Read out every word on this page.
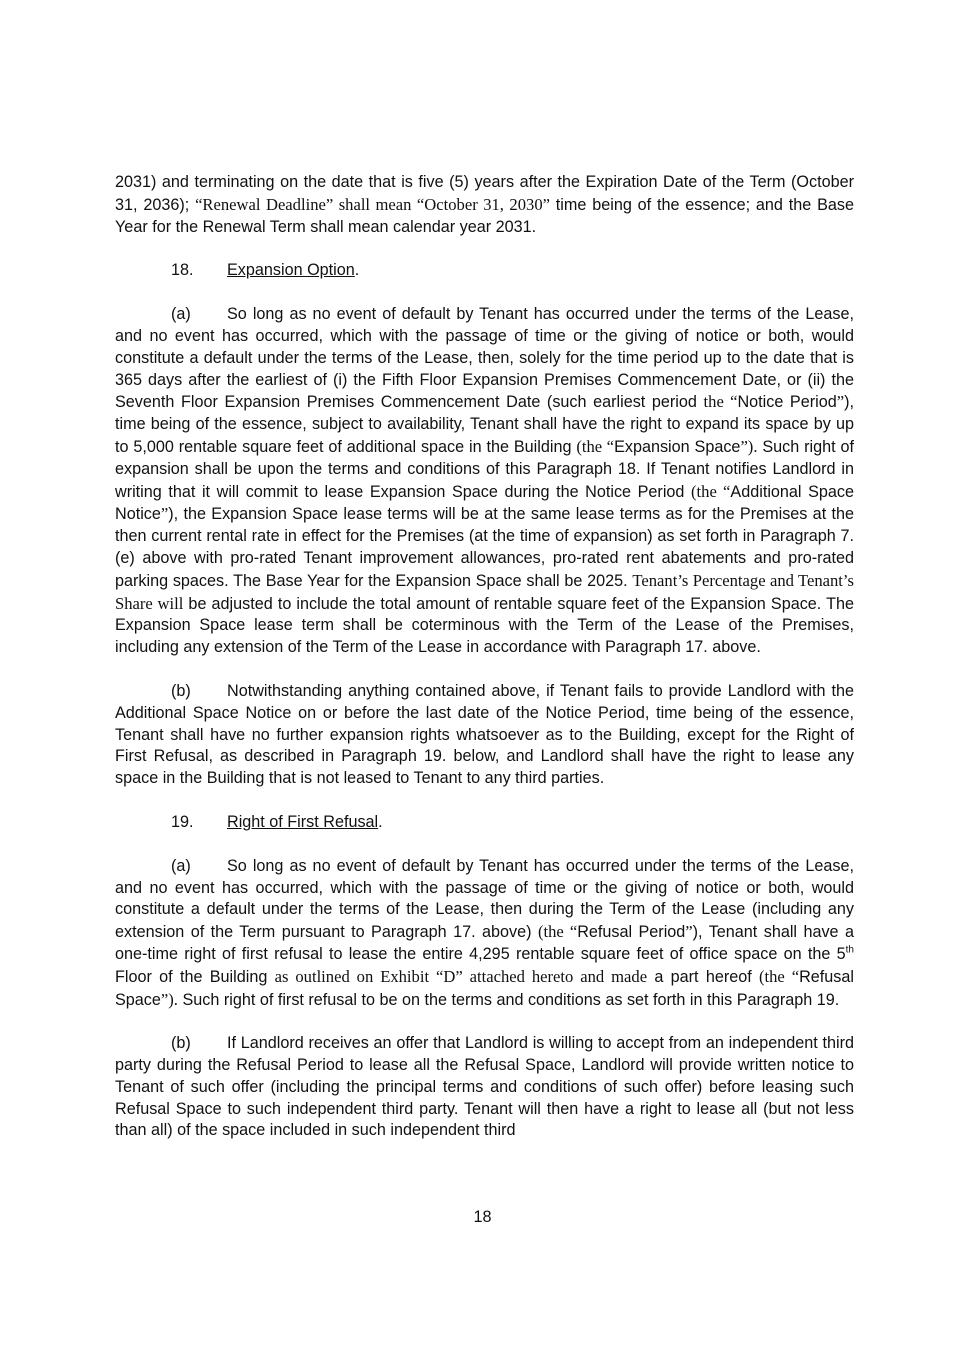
2031) and terminating on the date that is five (5) years after the Expiration Date of the Term (October 31, 2036); “Renewal Deadline” shall mean “October 31, 2030” time being of the essence; and the Base Year for the Renewal Term shall mean calendar year 2031.

18. Expansion Option.

(a) So long as no event of default by Tenant has occurred under the terms of the Lease, and no event has occurred, which with the passage of time or the giving of notice or both, would constitute a default under the terms of the Lease, then, solely for the time period up to the date that is 365 days after the earliest of (i) the Fifth Floor Expansion Premises Commencement Date, or (ii) the Seventh Floor Expansion Premises Commencement Date (such earliest period the “Notice Period”), time being of the essence, subject to availability, Tenant shall have the right to expand its space by up to 5,000 rentable square feet of additional space in the Building (the “Expansion Space”). Such right of expansion shall be upon the terms and conditions of this Paragraph 18. If Tenant notifies Landlord in writing that it will commit to lease Expansion Space during the Notice Period (the “Additional Space Notice”), the Expansion Space lease terms will be at the same lease terms as for the Premises at the then current rental rate in effect for the Premises (at the time of expansion) as set forth in Paragraph 7.(e) above with pro-rated Tenant improvement allowances, pro-rated rent abatements and pro-rated parking spaces. The Base Year for the Expansion Space shall be 2025. Tenant’s Percentage and Tenant’s Share will be adjusted to include the total amount of rentable square feet of the Expansion Space. The Expansion Space lease term shall be coterminous with the Term of the Lease of the Premises, including any extension of the Term of the Lease in accordance with Paragraph 17. above.

(b) Notwithstanding anything contained above, if Tenant fails to provide Landlord with the Additional Space Notice on or before the last date of the Notice Period, time being of the essence, Tenant shall have no further expansion rights whatsoever as to the Building, except for the Right of First Refusal, as described in Paragraph 19. below, and Landlord shall have the right to lease any space in the Building that is not leased to Tenant to any third parties.

19. Right of First Refusal.

(a) So long as no event of default by Tenant has occurred under the terms of the Lease, and no event has occurred, which with the passage of time or the giving of notice or both, would constitute a default under the terms of the Lease, then during the Term of the Lease (including any extension of the Term pursuant to Paragraph 17. above) (the “Refusal Period”), Tenant shall have a one-time right of first refusal to lease the entire 4,295 rentable square feet of office space on the 5th Floor of the Building as outlined on Exhibit “D” attached hereto and made a part hereof (the “Refusal Space”). Such right of first refusal to be on the terms and conditions as set forth in this Paragraph 19.

(b) If Landlord receives an offer that Landlord is willing to accept from an independent third party during the Refusal Period to lease all the Refusal Space, Landlord will provide written notice to Tenant of such offer (including the principal terms and conditions of such offer) before leasing such Refusal Space to such independent third party. Tenant will then have a right to lease all (but not less than all) of the space included in such independent third

18
